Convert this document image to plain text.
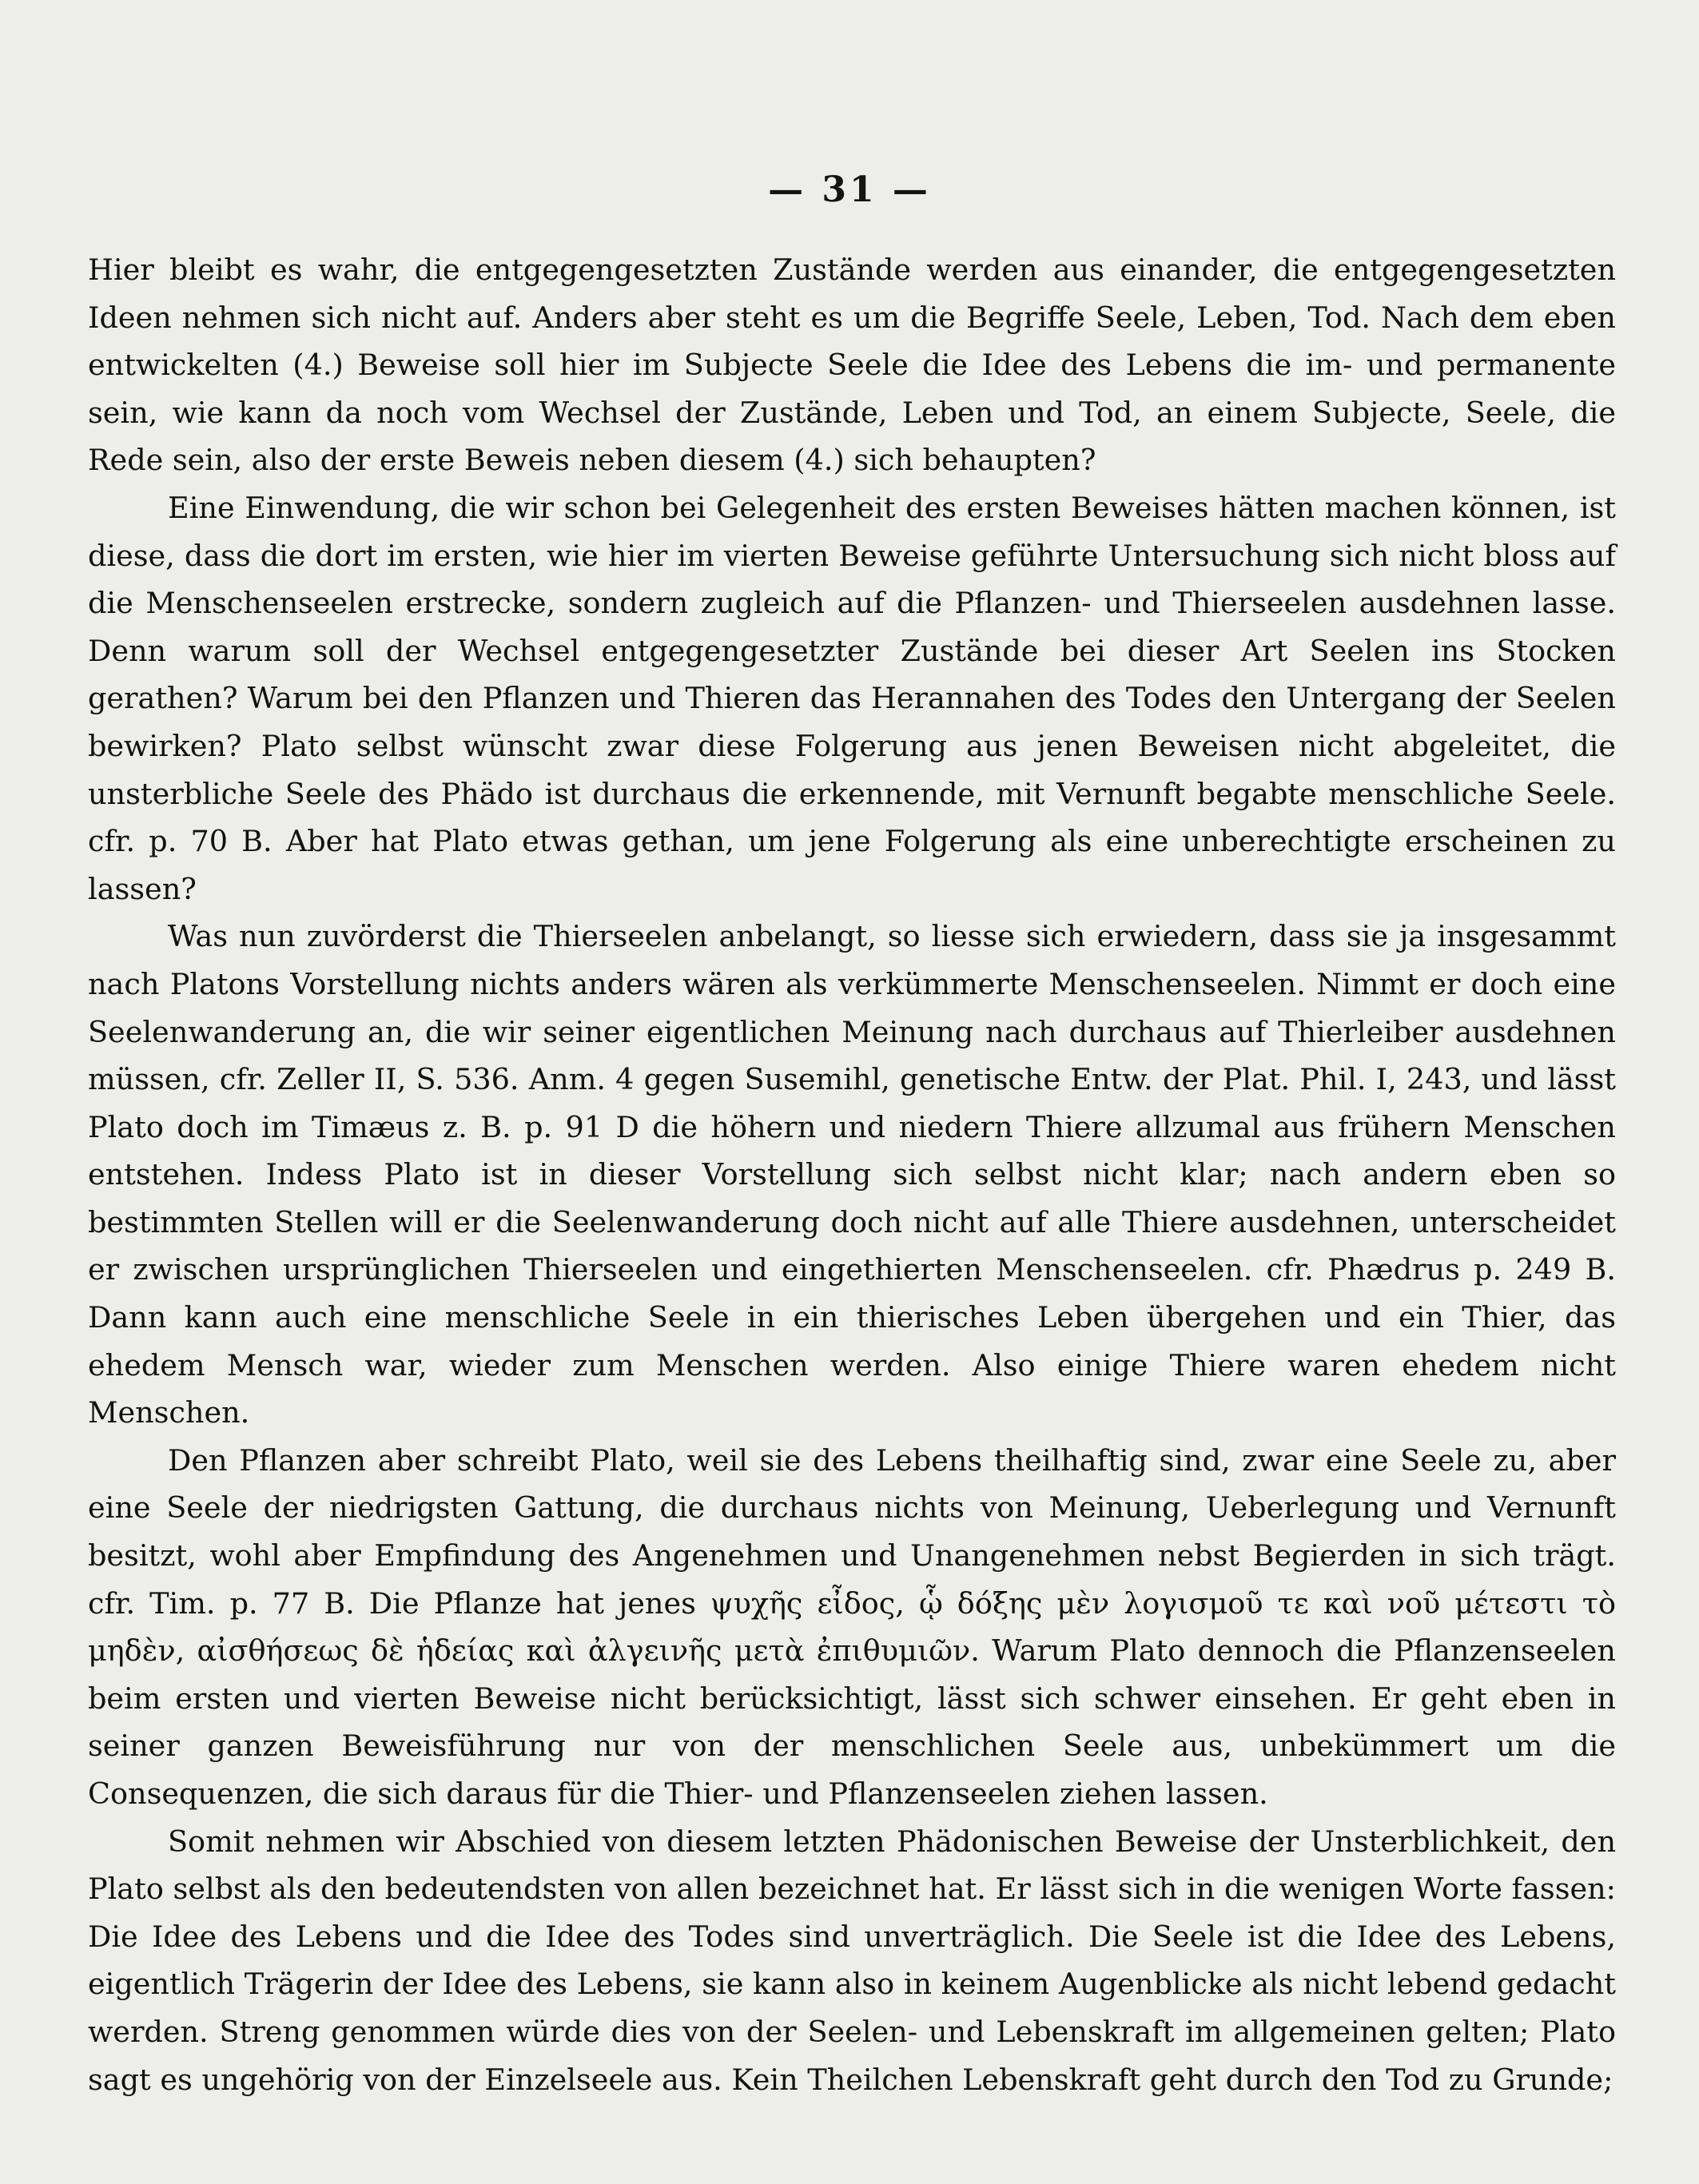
— 31 —

Hier bleibt es wahr, die entgegengesetzten Zustände werden aus einander, die entgegengesetzten Ideen nehmen sich nicht auf. Anders aber steht es um die Begriffe Seele, Leben, Tod. Nach dem eben entwickelten (4.) Beweise soll hier im Subjecte Seele die Idee des Lebens die im- und permanente sein, wie kann da noch vom Wechsel der Zustände, Leben und Tod, an einem Subjecte, Seele, die Rede sein, also der erste Beweis neben diesem (4.) sich behaupten?

Eine Einwendung, die wir schon bei Gelegenheit des ersten Beweises hätten machen können, ist diese, dass die dort im ersten, wie hier im vierten Beweise geführte Untersuchung sich nicht bloss auf die Menschenseelen erstrecke, sondern zugleich auf die Pflanzen- und Thierseelen ausdehnen lasse. Denn warum soll der Wechsel entgegengesetzter Zustände bei dieser Art Seelen ins Stocken gerathen? Warum bei den Pflanzen und Thieren das Herannahen des Todes den Untergang der Seelen bewirken? Plato selbst wünscht zwar diese Folgerung aus jenen Beweisen nicht abgeleitet, die unsterbliche Seele des Phädo ist durchaus die erkennende, mit Vernunft begabte menschliche Seele. cfr. p. 70 B. Aber hat Plato etwas gethan, um jene Folgerung als eine unberechtigte erscheinen zu lassen?

Was nun zuvörderst die Thierseelen anbelangt, so liesse sich erwiedern, dass sie ja insgesammt nach Platons Vorstellung nichts anders wären als verkümmerte Menschenseelen. Nimmt er doch eine Seelenwanderung an, die wir seiner eigentlichen Meinung nach durchaus auf Thierleiber ausdehnen müssen, cfr. Zeller II, S. 536. Anm. 4 gegen Susemihl, genetische Entw. der Plat. Phil. I, 243, und lässt Plato doch im Timæus z. B. p. 91 D die höhern und niedern Thiere allzumal aus frühern Menschen entstehen. Indess Plato ist in dieser Vorstellung sich selbst nicht klar; nach andern eben so bestimmten Stellen will er die Seelenwanderung doch nicht auf alle Thiere ausdehnen, unterscheidet er zwischen ursprünglichen Thierseelen und eingethierten Menschenseelen. cfr. Phædrus p. 249 B. Dann kann auch eine menschliche Seele in ein thierisches Leben übergehen und ein Thier, das ehedem Mensch war, wieder zum Menschen werden. Also einige Thiere waren ehedem nicht Menschen.

Den Pflanzen aber schreibt Plato, weil sie des Lebens theilhaftig sind, zwar eine Seele zu, aber eine Seele der niedrigsten Gattung, die durchaus nichts von Meinung, Ueberlegung und Vernunft besitzt, wohl aber Empfindung des Angenehmen und Unangenehmen nebst Begierden in sich trägt. cfr. Tim. p. 77 B. Die Pflanze hat jenes ψυχῆς εἶδος, ᾧ δόξης μὲν λογισμοῦ τε καὶ νοῦ μέτεστι τὸ μηδὲν, αἰσθήσεως δὲ ἡδείας καὶ ἀλγεινῆς μετὰ ἐπιθυμιῶν. Warum Plato dennoch die Pflanzenseelen beim ersten und vierten Beweise nicht berücksichtigt, lässt sich schwer einsehen. Er geht eben in seiner ganzen Beweisführung nur von der menschlichen Seele aus, unbekümmert um die Consequenzen, die sich daraus für die Thier- und Pflanzenseelen ziehen lassen.

Somit nehmen wir Abschied von diesem letzten Phädonischen Beweise der Unsterblichkeit, den Plato selbst als den bedeutendsten von allen bezeichnet hat. Er lässt sich in die wenigen Worte fassen: Die Idee des Lebens und die Idee des Todes sind unverträglich. Die Seele ist die Idee des Lebens, eigentlich Trägerin der Idee des Lebens, sie kann also in keinem Augenblicke als nicht lebend gedacht werden. Streng genommen würde dies von der Seelen- und Lebenskraft im allgemeinen gelten; Plato sagt es ungehörig von der Einzelseele aus. Kein Theilchen Lebenskraft geht durch den Tod zu Grunde;
